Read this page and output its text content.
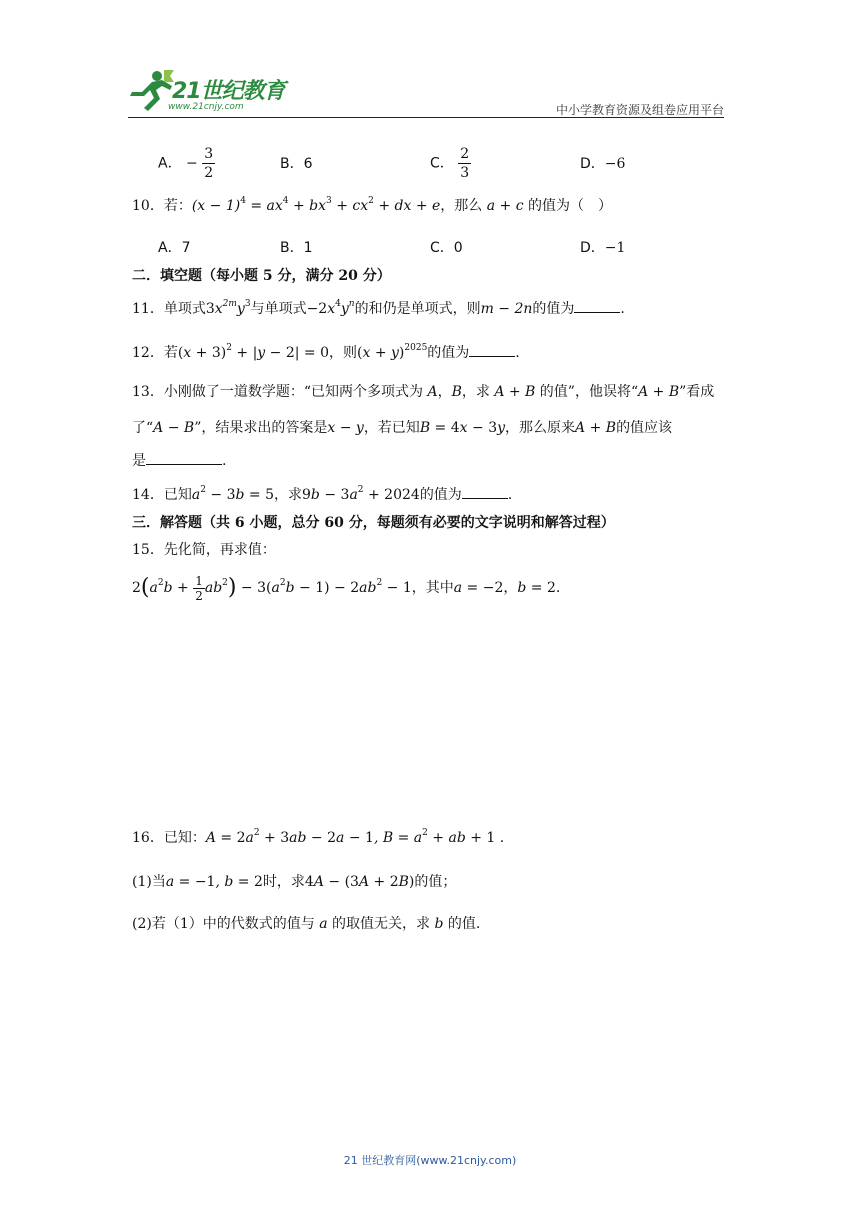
21世纪教育
www.21cnjy.com	中小学教育资源及组卷应用平台
A． − $\frac{3}{2}$	B．6	C． $\frac{2}{3}$	D．−6
10．若：$(x - 1)^4 = ax^4 + bx^3 + cx^2$ + dx + e，那么 a + c 的值为（　）
A．7	B．1	C．0	D．−1
二．填空题（每小题 5 分，满分 20 分）
11．单项式$3x^{2m}y^3$与单项式$-2x^4y^n$的和仍是单项式，则m − 2n的值为	.
12．若$(x + 3)^2 + |y - 2| = 0$，则$(x + y)^{2025}$的值为	.
13．小刚做了一道数学题：“已知两个多项式为 A，B，求 A + B 的值”，他误将“A + B”看成
了“A − B”，结果求出的答案是x − y，若已知B = 4x − 3y，那么原来A + B的值应该
是	.
14．已知$a^2 - 3b = 5$，求$9b - 3a^2 + 2024$的值为	.
三．解答题（共 6 小题，总分 60 分，每题须有必要的文字说明和解答过程）
15．先化简，再求值：
$2(a^2b + \frac{1}{2} ab^2) - 3(a^2b - 1) - 2ab^2 - 1$，其中a = −2，b = 2.
16．已知：$A = 2a^2 + 3ab - 2a - 1$, $B = a^2$ + ab + 1 .
(1)当a = −1, b = 2时，求4A − (3A + 2B)的值；
(2)若（1）中的代数式的值与 a 的取值无关，求 b 的值.
21 世纪教育网(www.21cnjy.com)
